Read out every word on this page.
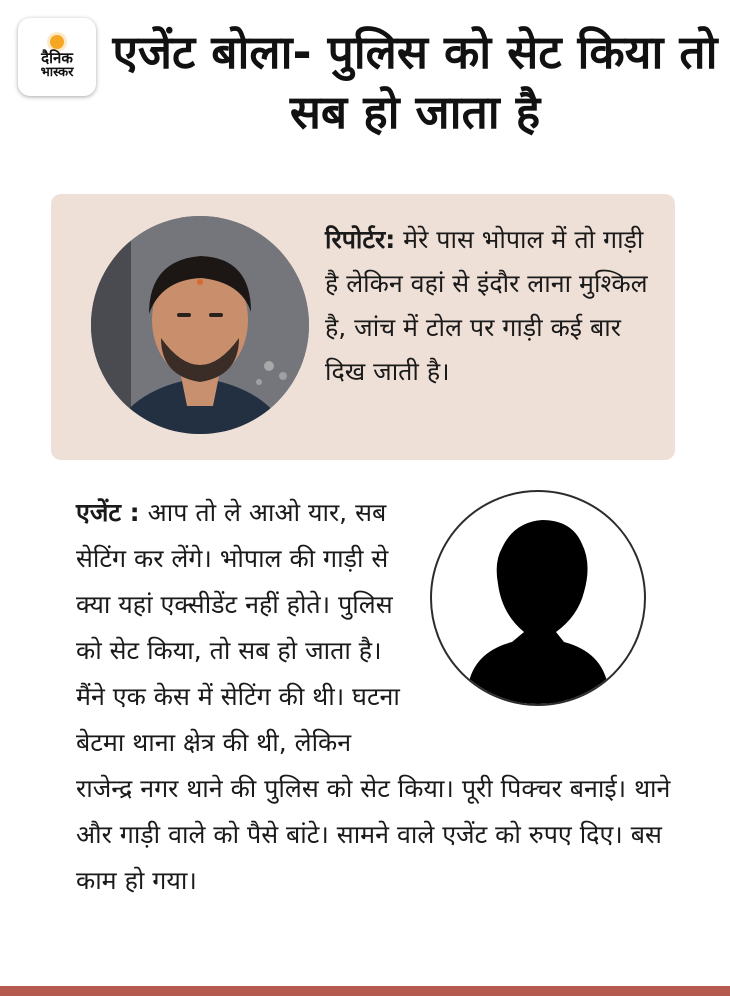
दैनिक
भास्कर एजेंट बोला- पुलिस को सेट किया तो सब हो जाता है
रिपोर्टर: मेरे पास भोपाल में तो गाड़ी है लेकिन वहां से इंदौर लाना मुश्किल है, जांच में टोल पर गाड़ी कई बार दिख जाती है।
एजेंट : आप तो ले आओ यार, सब सेटिंग कर लेंगे। भोपाल की गाड़ी से क्या यहां एक्सीडेंट नहीं होते। पुलिस को सेट किया, तो सब हो जाता है। मैंने एक केस में सेटिंग की थी। घटना बेटमा थाना क्षेत्र की थी, लेकिन राजेन्द्र नगर थाने की पुलिस को सेट किया। पूरी पिक्चर बनाई। थाने और गाड़ी वाले को पैसे बांटे। सामने वाले एजेंट को रुपए दिए। बस काम हो गया।
